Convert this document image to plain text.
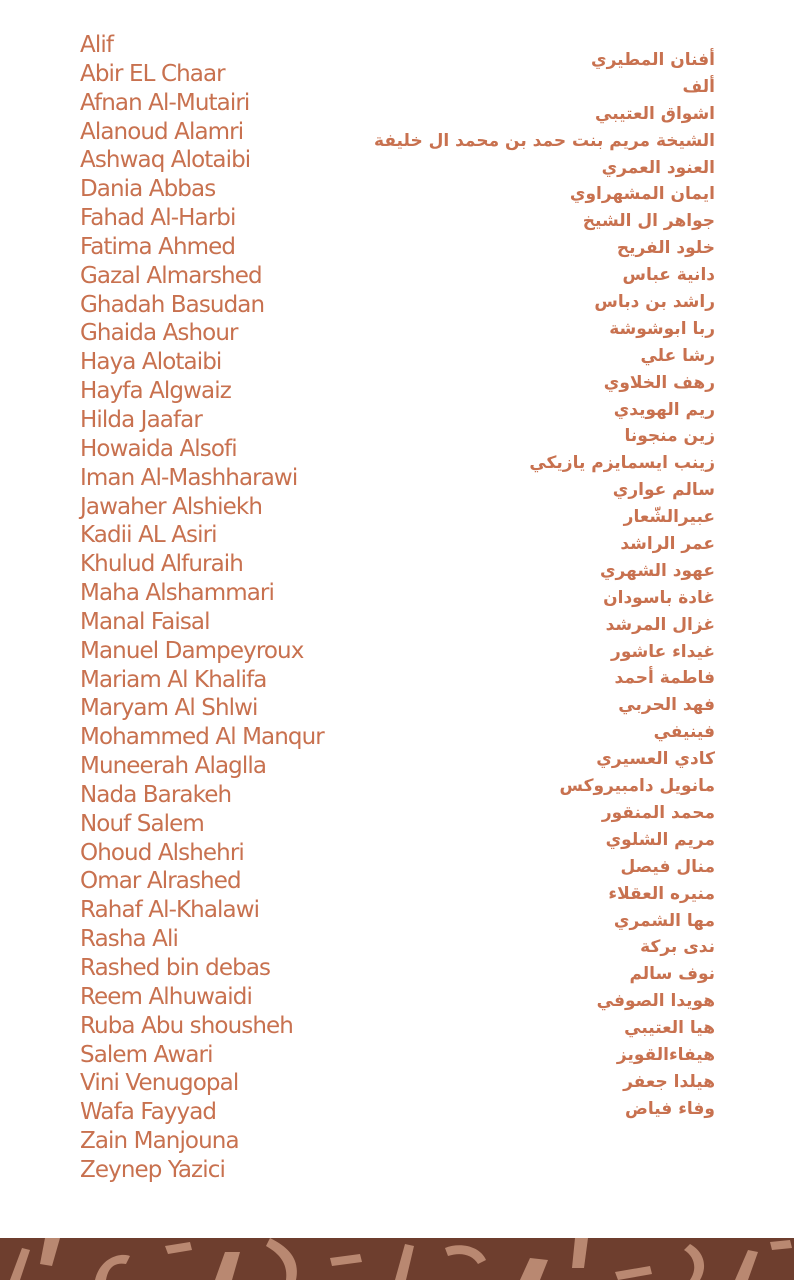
Alif
Abir EL Chaar
Afnan Al-Mutairi
Alanoud Alamri
Ashwaq Alotaibi
Dania Abbas
Fahad Al-Harbi
Fatima Ahmed
Gazal Almarshed
Ghadah Basudan
Ghaida Ashour
Haya Alotaibi
Hayfa Algwaiz
Hilda Jaafar
Howaida Alsofi
Iman Al-Mashharawi
Jawaher Alshiekh
Kadii AL Asiri
Khulud Alfuraih
Maha Alshammari
Manal Faisal
Manuel Dampeyroux
Mariam Al Khalifa
Maryam Al Shlwi
Mohammed Al Manqur
Muneerah Alaglla
Nada Barakeh
Nouf Salem
Ohoud Alshehri
Omar Alrashed
Rahaf Al-Khalawi
Rasha Ali
Rashed bin debas
Reem Alhuwaidi
Ruba Abu shousheh
Salem Awari
Vini Venugopal
Wafa Fayyad
Zain Manjouna
Zeynep Yazici
أفنان المطيري
ألف
اشواق العتيبي
الشيخة مريم بنت حمد بن محمد ال خليفة
العنود العمري
ايمان المشهراوي
جواهر ال الشيخ
خلود الفريح
دانية عباس
راشد بن دباس
ربا ابوشوشة
رشا علي
رهف الخلاوي
ريم الهويدي
زين منجونا
زينب ايسمايزم يازيكي
سالم عواري
عبيرالشّعار
عمر الراشد
عهود الشهري
غادة باسودان
غزال المرشد
غيداء عاشور
فاطمة أحمد
فهد الحربي
فينيفي
كادي العسيري
مانويل دامبيروكس
محمد المنقور
مريم الشلوي
منال فيصل
منيره العقلاء
مها الشمري
ندى بركة
نوف سالم
هويدا الصوفي
هيا العتيبي
هيفاءالقويز
هيلدا جعفر
وفاء فياض
